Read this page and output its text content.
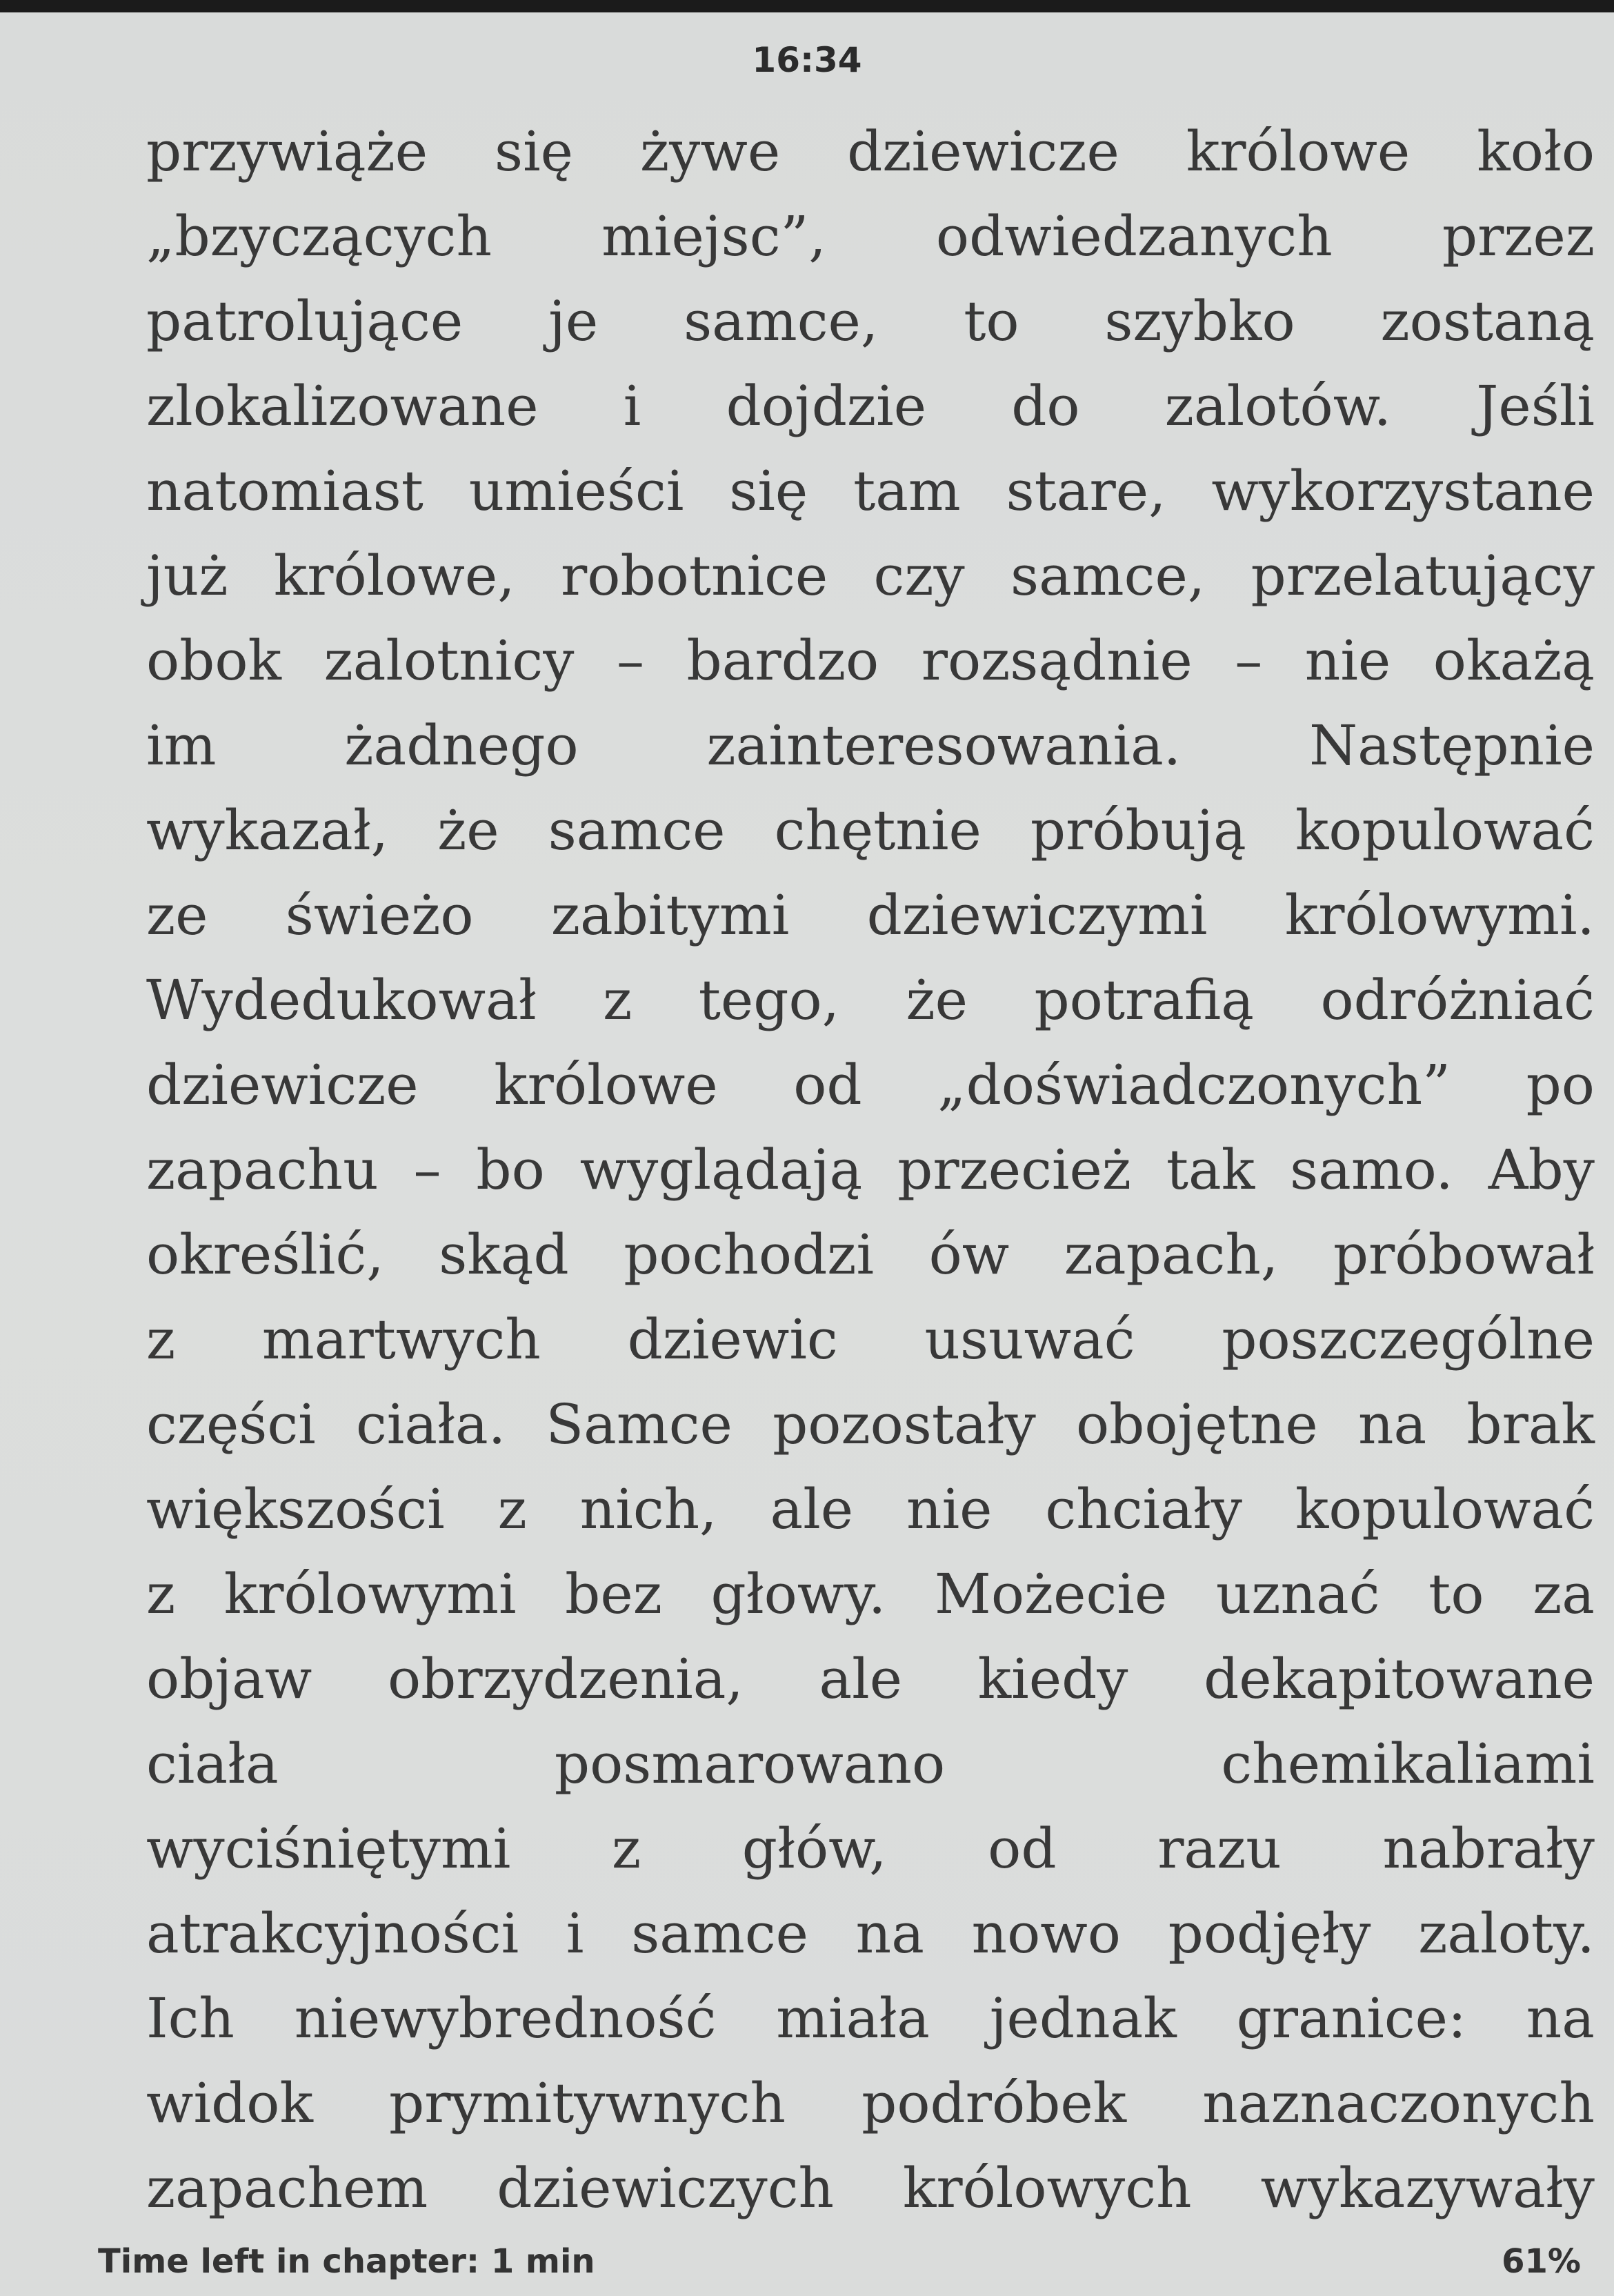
16:34
przywiąże się żywe dziewicze królowe koło
„bzyczących miejsc”, odwiedzanych przez
patrolujące je samce, to szybko zostaną
zlokalizowane i dojdzie do zalotów. Jeśli
natomiast umieści się tam stare, wykorzystane
już królowe, robotnice czy samce, przelatujący
obok zalotnicy – bardzo rozsądnie – nie okażą
im żadnego zainteresowania. Następnie
wykazał, że samce chętnie próbują kopulować
ze świeżo zabitymi dziewiczymi królowymi.
Wydedukował z tego, że potrafią odróżniać
dziewicze królowe od „doświadczonych” po
zapachu – bo wyglądają przecież tak samo. Aby
określić, skąd pochodzi ów zapach, próbował
z martwych dziewic usuwać poszczególne
części ciała. Samce pozostały obojętne na brak
większości z nich, ale nie chciały kopulować
z królowymi bez głowy. Możecie uznać to za
objaw obrzydzenia, ale kiedy dekapitowane
ciała	posmarowano	chemikaliami
wyciśniętymi z głów, od razu nabrały
atrakcyjności i samce na nowo podjęły zaloty.
Ich niewybredność miała jednak granice: na
widok prymitywnych podróbek naznaczonych
zapachem dziewiczych królowych wykazywały
Time left in chapter: 1 min	61%
